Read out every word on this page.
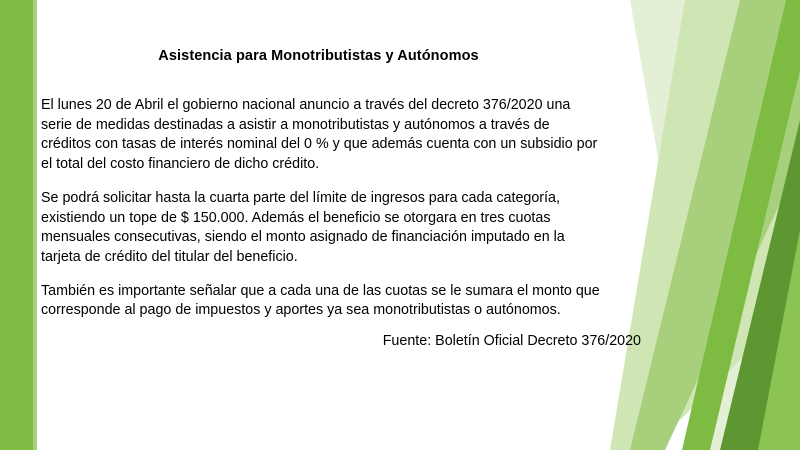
Asistencia para Monotributistas y Autónomos

El lunes 20 de Abril el gobierno nacional anuncio a través del decreto 376/2020 una serie de medidas destinadas a asistir a monotributistas y autónomos a través de créditos con tasas de interés nominal del 0 % y que además cuenta con un subsidio por el total del costo financiero de dicho crédito.

Se podrá solicitar hasta la cuarta parte del límite de ingresos para cada categoría, existiendo un tope de $ 150.000. Además el beneficio se otorgara en tres cuotas mensuales consecutivas, siendo el monto asignado de financiación imputado en la tarjeta de crédito del titular del beneficio.

También es importante señalar que a cada una de las cuotas se le sumara el monto que corresponde al pago de impuestos y aportes ya sea monotributistas o autónomos.

Fuente: Boletín Oficial Decreto 376/2020
